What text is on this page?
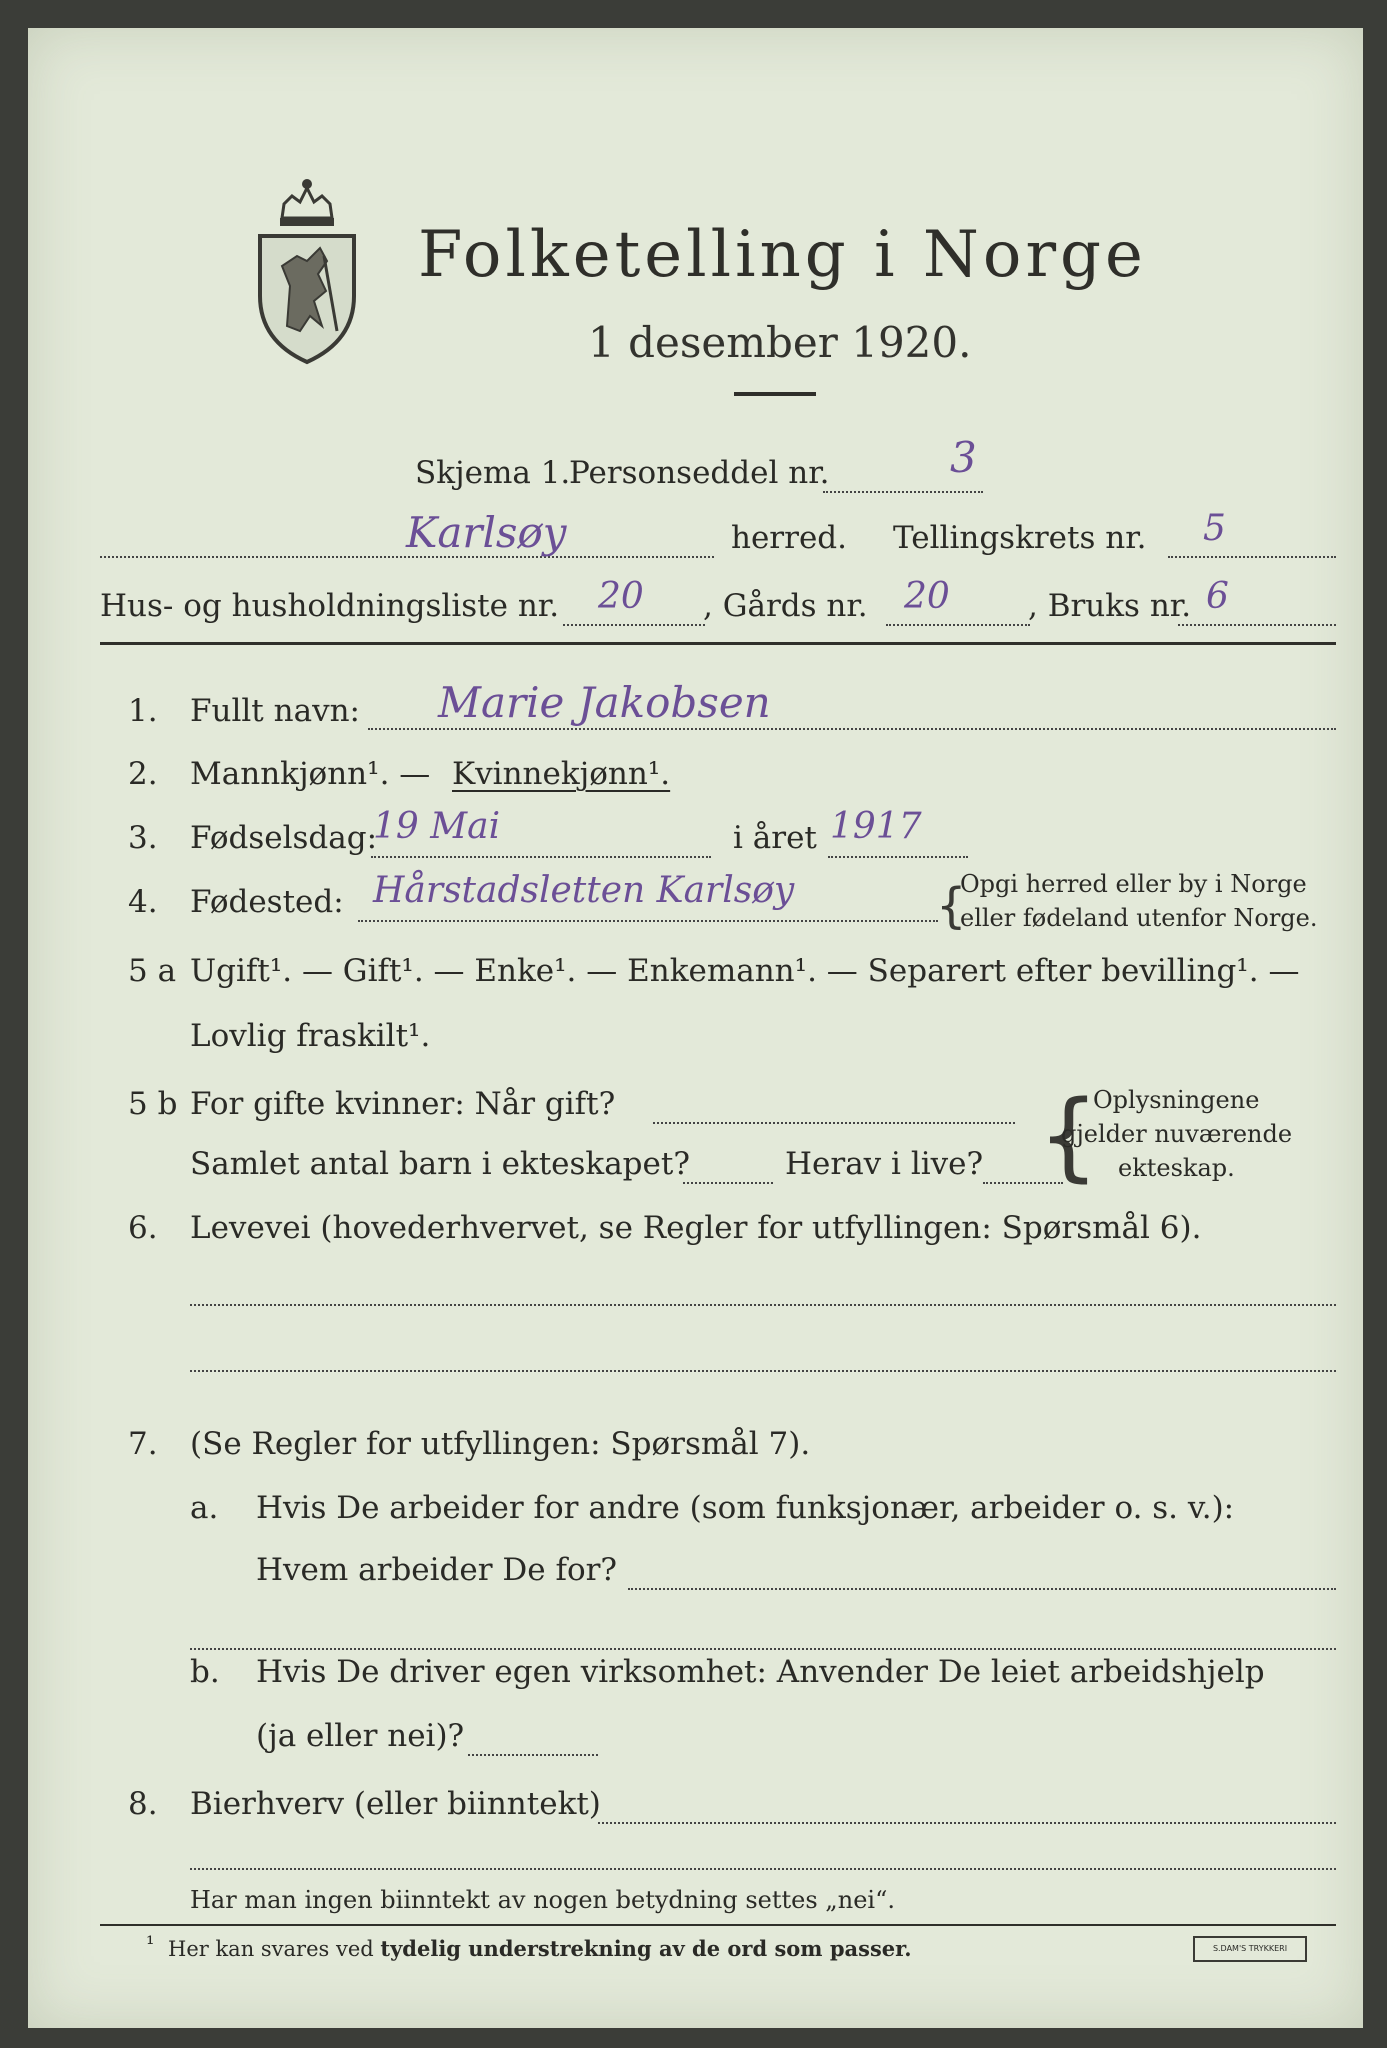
Folketelling i Norge
1 desember 1920.
Skjema 1.
Personseddel nr.	3
Karlsøy	herred. Tellingskrets nr. 5
Hus- og husholdningsliste nr. 20 , Gårds nr. 20	, Bruks nr. 6
1. Fullt navn: Marie Jakobsen
2. Mannkjønn¹. — Kvinnekjønn¹.
3. Fødselsdag:
19 Mai	i året 1917
4. Fødested: Hårstadsletten Karlsøy	{
Opgi herred eller by i Norge
eller fødeland utenfor Norge.
5 a Ugift¹. — Gift¹. — Enke¹. — Enkemann¹. — Separert efter bevilling¹. —
Lovlig fraskilt¹.
5 b For gifte kvinner: Når gift?
Samlet antal barn i ekteskapet?	Herav i live? {
Oplysningene
gjelder nuværende
ekteskap.
6. Levevei (hovederhvervet, se Regler for utfyllingen: Spørsmål 6).
7. (Se Regler for utfyllingen: Spørsmål 7).
a. Hvis De arbeider for andre (som funksjonær, arbeider o. s. v.):
Hvem arbeider De for?
b. Hvis De driver egen virksomhet: Anvender De leiet arbeidshjelp
(ja eller nei)?
8. Bierhverv (eller biinntekt)
Har man ingen biinntekt av nogen betydning settes „nei“.
¹ Her kan svares ved tydelig understrekning av de ord som passer.	S.DAM'S TRYKKERI
